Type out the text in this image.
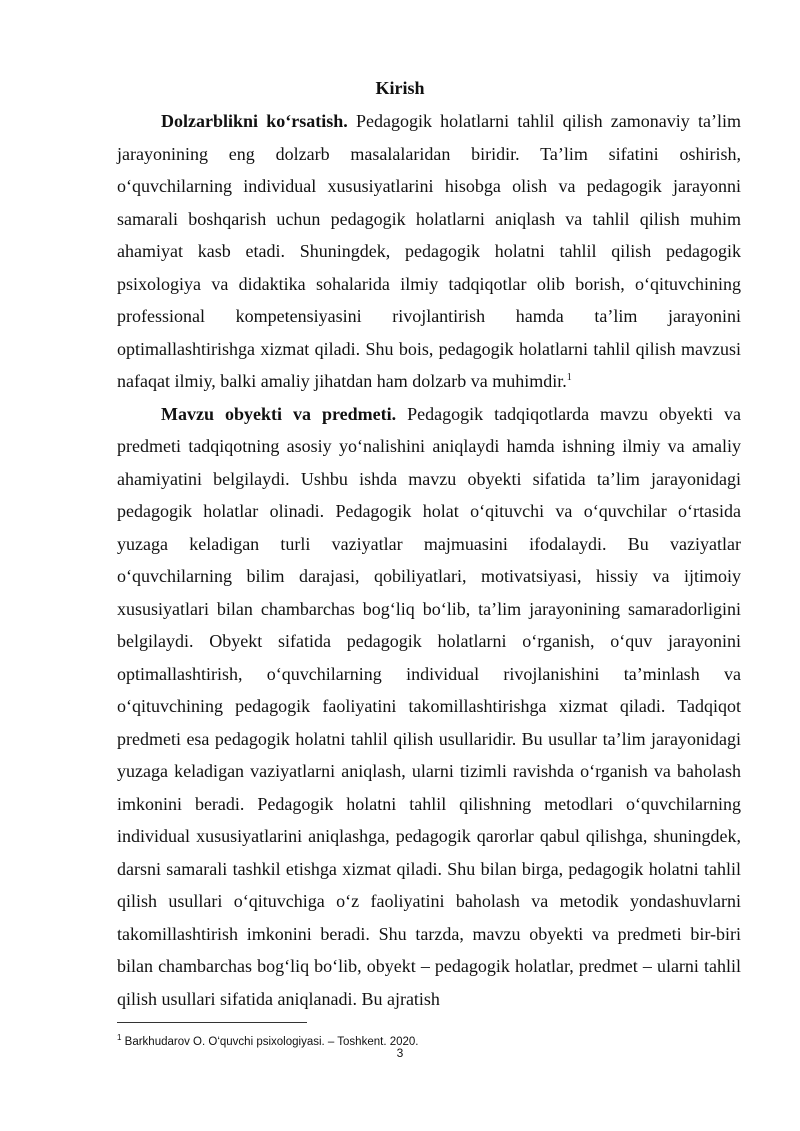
Kirish

Dolzarblikni ko‘rsatish. Pedagogik holatlarni tahlil qilish zamonaviy ta’lim jarayonining eng dolzarb masalalaridan biridir. Ta’lim sifatini oshirish, o‘quvchilarning individual xususiyatlarini hisobga olish va pedagogik jarayonni samarali boshqarish uchun pedagogik holatlarni aniqlash va tahlil qilish muhim ahamiyat kasb etadi. Shuningdek, pedagogik holatni tahlil qilish pedagogik psixologiya va didaktika sohalarida ilmiy tadqiqotlar olib borish, o‘qituvchining professional kompetensiyasini rivojlantirish hamda ta’lim jarayonini optimallashtirishga xizmat qiladi. Shu bois, pedagogik holatlarni tahlil qilish mavzusi nafaqat ilmiy, balki amaliy jihatdan ham dolzarb va muhimdir.$^1$

Mavzu obyekti va predmeti. Pedagogik tadqiqotlarda mavzu obyekti va predmeti tadqiqotning asosiy yo‘nalishini aniqlaydi hamda ishning ilmiy va amaliy ahamiyatini belgilaydi. Ushbu ishda mavzu obyekti sifatida ta’lim jarayonidagi pedagogik holatlar olinadi. Pedagogik holat o‘qituvchi va o‘quvchilar o‘rtasida yuzaga keladigan turli vaziyatlar majmuasini ifodalaydi. Bu vaziyatlar o‘quvchilarning bilim darajasi, qobiliyatlari, motivatsiyasi, hissiy va ijtimoiy xususiyatlari bilan chambarchas bog‘liq bo‘lib, ta’lim jarayonining samaradorligini belgilaydi. Obyekt sifatida pedagogik holatlarni o‘rganish, o‘quv jarayonini optimallashtirish, o‘quvchilarning individual rivojlanishini ta’minlash va o‘qituvchining pedagogik faoliyatini takomillashtirishga xizmat qiladi. Tadqiqot predmeti esa pedagogik holatni tahlil qilish usullaridir. Bu usullar ta’lim jarayonidagi yuzaga keladigan vaziyatlarni aniqlash, ularni tizimli ravishda o‘rganish va baholash imkonini beradi. Pedagogik holatni tahlil qilishning metodlari o‘quvchilarning individual xususiyatlarini aniqlashga, pedagogik qarorlar qabul qilishga, shuningdek, darsni samarali tashkil etishga xizmat qiladi. Shu bilan birga, pedagogik holatni tahlil qilish usullari o‘qituvchiga o‘z faoliyatini baholash va metodik yondashuvlarni takomillashtirish imkonini beradi. Shu tarzda, mavzu obyekti va predmeti bir-biri bilan chambarchas bog‘liq bo‘lib, obyekt – pedagogik holatlar, predmet – ularni tahlil qilish usullari sifatida aniqlanadi. Bu ajratish

$^1$ Barkhudarov O. O‘quvchi psixologiyasi. – Toshkent. 2020.
3
